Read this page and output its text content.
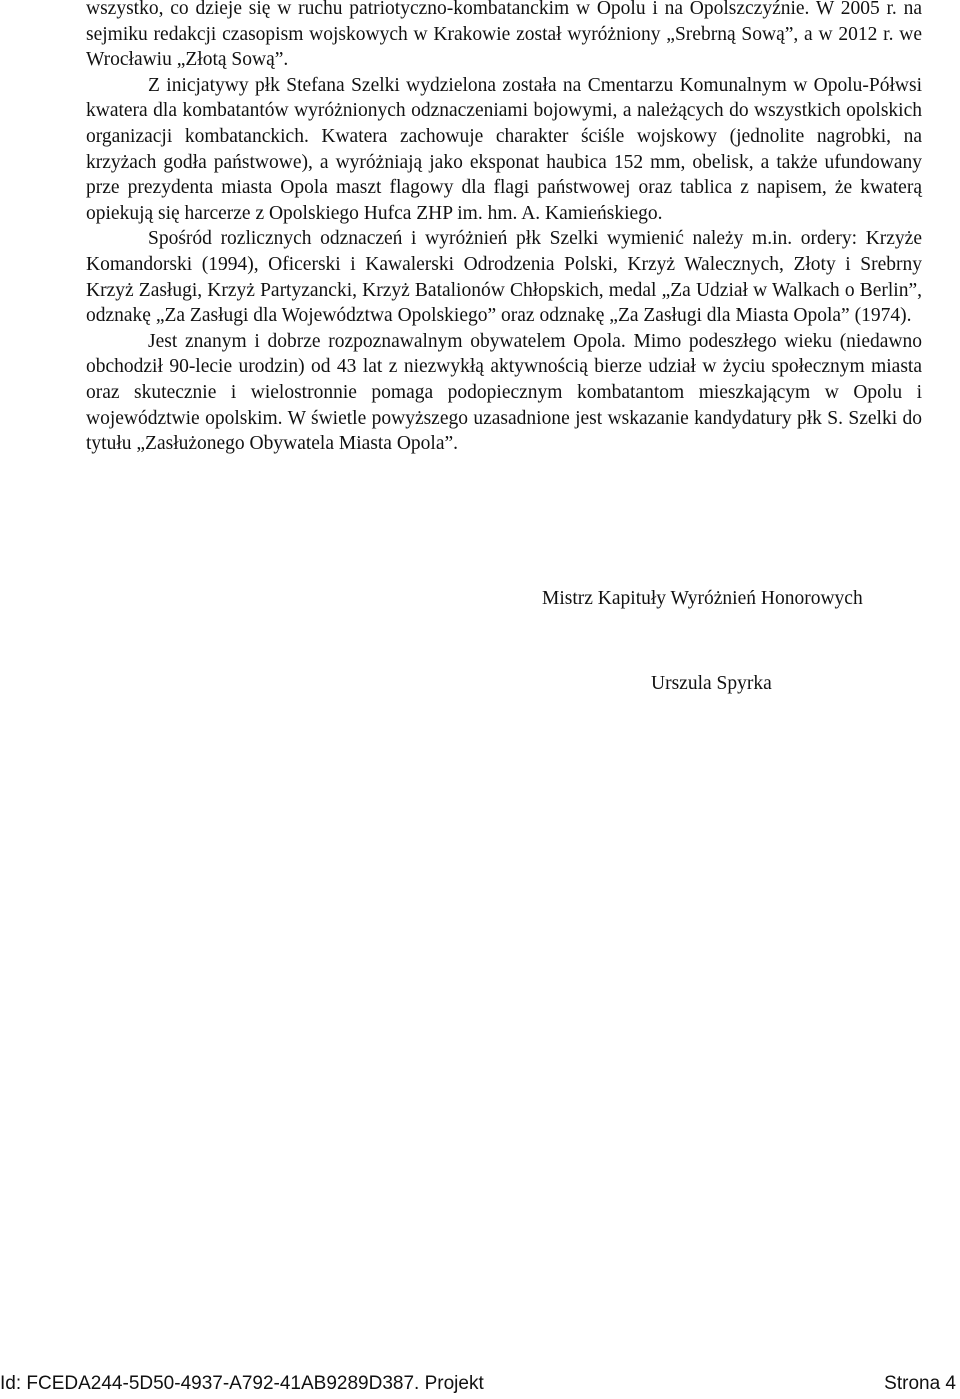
wszystko, co dzieje się w ruchu patriotyczno-kombatanckim w Opolu i na Opolszczyźnie. W 2005 r. na sejmiku redakcji czasopism wojskowych w Krakowie został wyróżniony „Srebrną Sową”, a w 2012 r. we Wrocławiu „Złotą Sową”.

Z inicjatywy płk Stefana Szelki wydzielona została na Cmentarzu Komunalnym w Opolu-Półwsi kwatera dla kombatantów wyróżnionych odznaczeniami bojowymi, a należących do wszystkich opolskich organizacji kombatanckich. Kwatera zachowuje charakter ściśle wojskowy (jednolite nagrobki, na krzyżach godła państwowe), a wyróżniają jako eksponat haubica 152 mm, obelisk, a także ufundowany prze prezydenta miasta Opola maszt flagowy dla flagi państwowej oraz tablica z napisem, że kwaterą opiekują się harcerze z Opolskiego Hufca ZHP im. hm. A. Kamieńskiego.

Spośród rozlicznych odznaczeń i wyróżnień płk Szelki wymienić należy m.in. ordery: Krzyże Komandorski (1994), Oficerski i Kawalerski Odrodzenia Polski, Krzyż Walecznych, Złoty i Srebrny Krzyż Zasługi, Krzyż Partyzancki, Krzyż Batalionów Chłopskich, medal „Za Udział w Walkach o Berlin”, odznakę „Za Zasługi dla Województwa Opolskiego” oraz odznakę „Za Zasługi dla Miasta Opola” (1974).

Jest znanym i dobrze rozpoznawalnym obywatelem Opola. Mimo podeszłego wieku (niedawno obchodził 90-lecie urodzin) od 43 lat z niezwykłą aktywnością bierze udział w życiu społecznym miasta oraz skutecznie i wielostronnie pomaga podopiecznym kombatantom mieszkającym w Opolu i województwie opolskim. W świetle powyższego uzasadnione jest wskazanie kandydatury płk S. Szelki do tytułu „Zasłużonego Obywatela Miasta Opola”.

Mistrz Kapituły Wyróżnień Honorowych
Urszula Spyrka
Id: FCEDA244-5D50-4937-A792-41AB9289D387. Projekt	Strona 4
